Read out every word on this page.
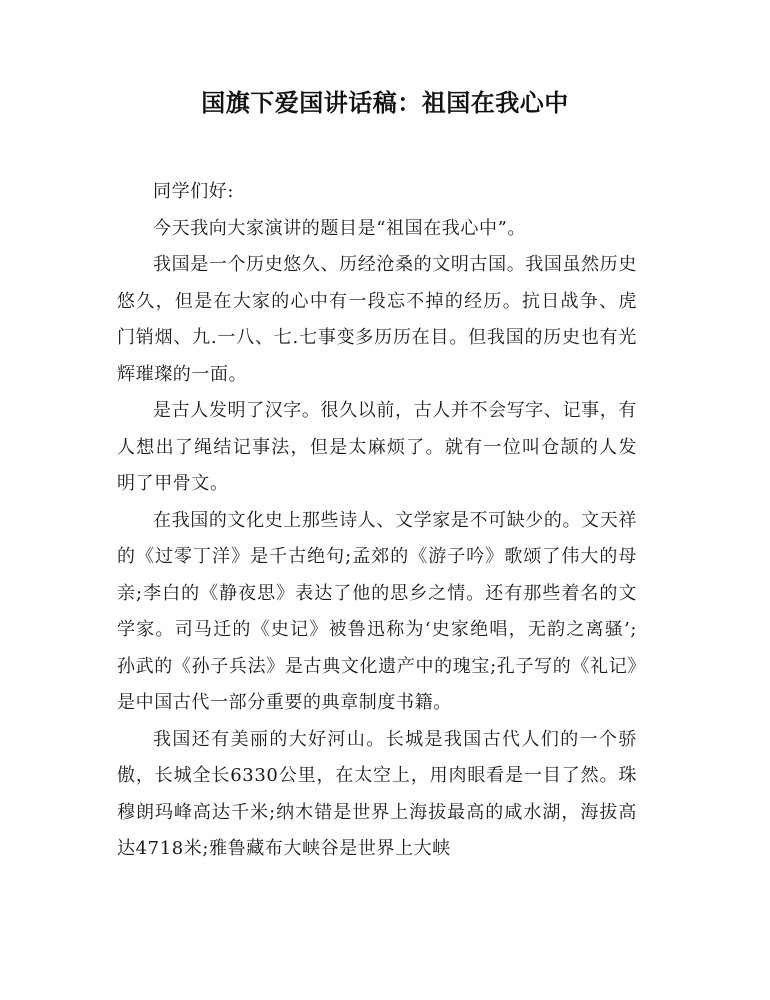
国旗下爱国讲话稿：祖国在我心中

同学们好:

今天我向大家演讲的题目是“祖国在我心中”。

我国是一个历史悠久、历经沧桑的文明古国。我国虽然历史悠久，但是在大家的心中有一段忘不掉的经历。抗日战争、虎门销烟、九.一八、七.七事变多历历在目。但我国的历史也有光辉璀璨的一面。

是古人发明了汉字。很久以前，古人并不会写字、记事，有人想出了绳结记事法，但是太麻烦了。就有一位叫仓颉的人发明了甲骨文。

在我国的文化史上那些诗人、文学家是不可缺少的。文天祥的《过零丁洋》是千古绝句;孟郊的《游子吟》歌颂了伟大的母亲;李白的《静夜思》表达了他的思乡之情。还有那些着名的文学家。司马迁的《史记》被鲁迅称为‘史家绝唱，无韵之离骚’;孙武的《孙子兵法》是古典文化遗产中的瑰宝;孔子写的《礼记》是中国古代一部分重要的典章制度书籍。

我国还有美丽的大好河山。长城是我国古代人们的一个骄傲，长城全长6330公里，在太空上，用肉眼看是一目了然。珠穆朗玛峰高达千米;纳木错是世界上海拔最高的咸水湖，海拔高达4718米;雅鲁藏布大峡谷是世界上大峡
